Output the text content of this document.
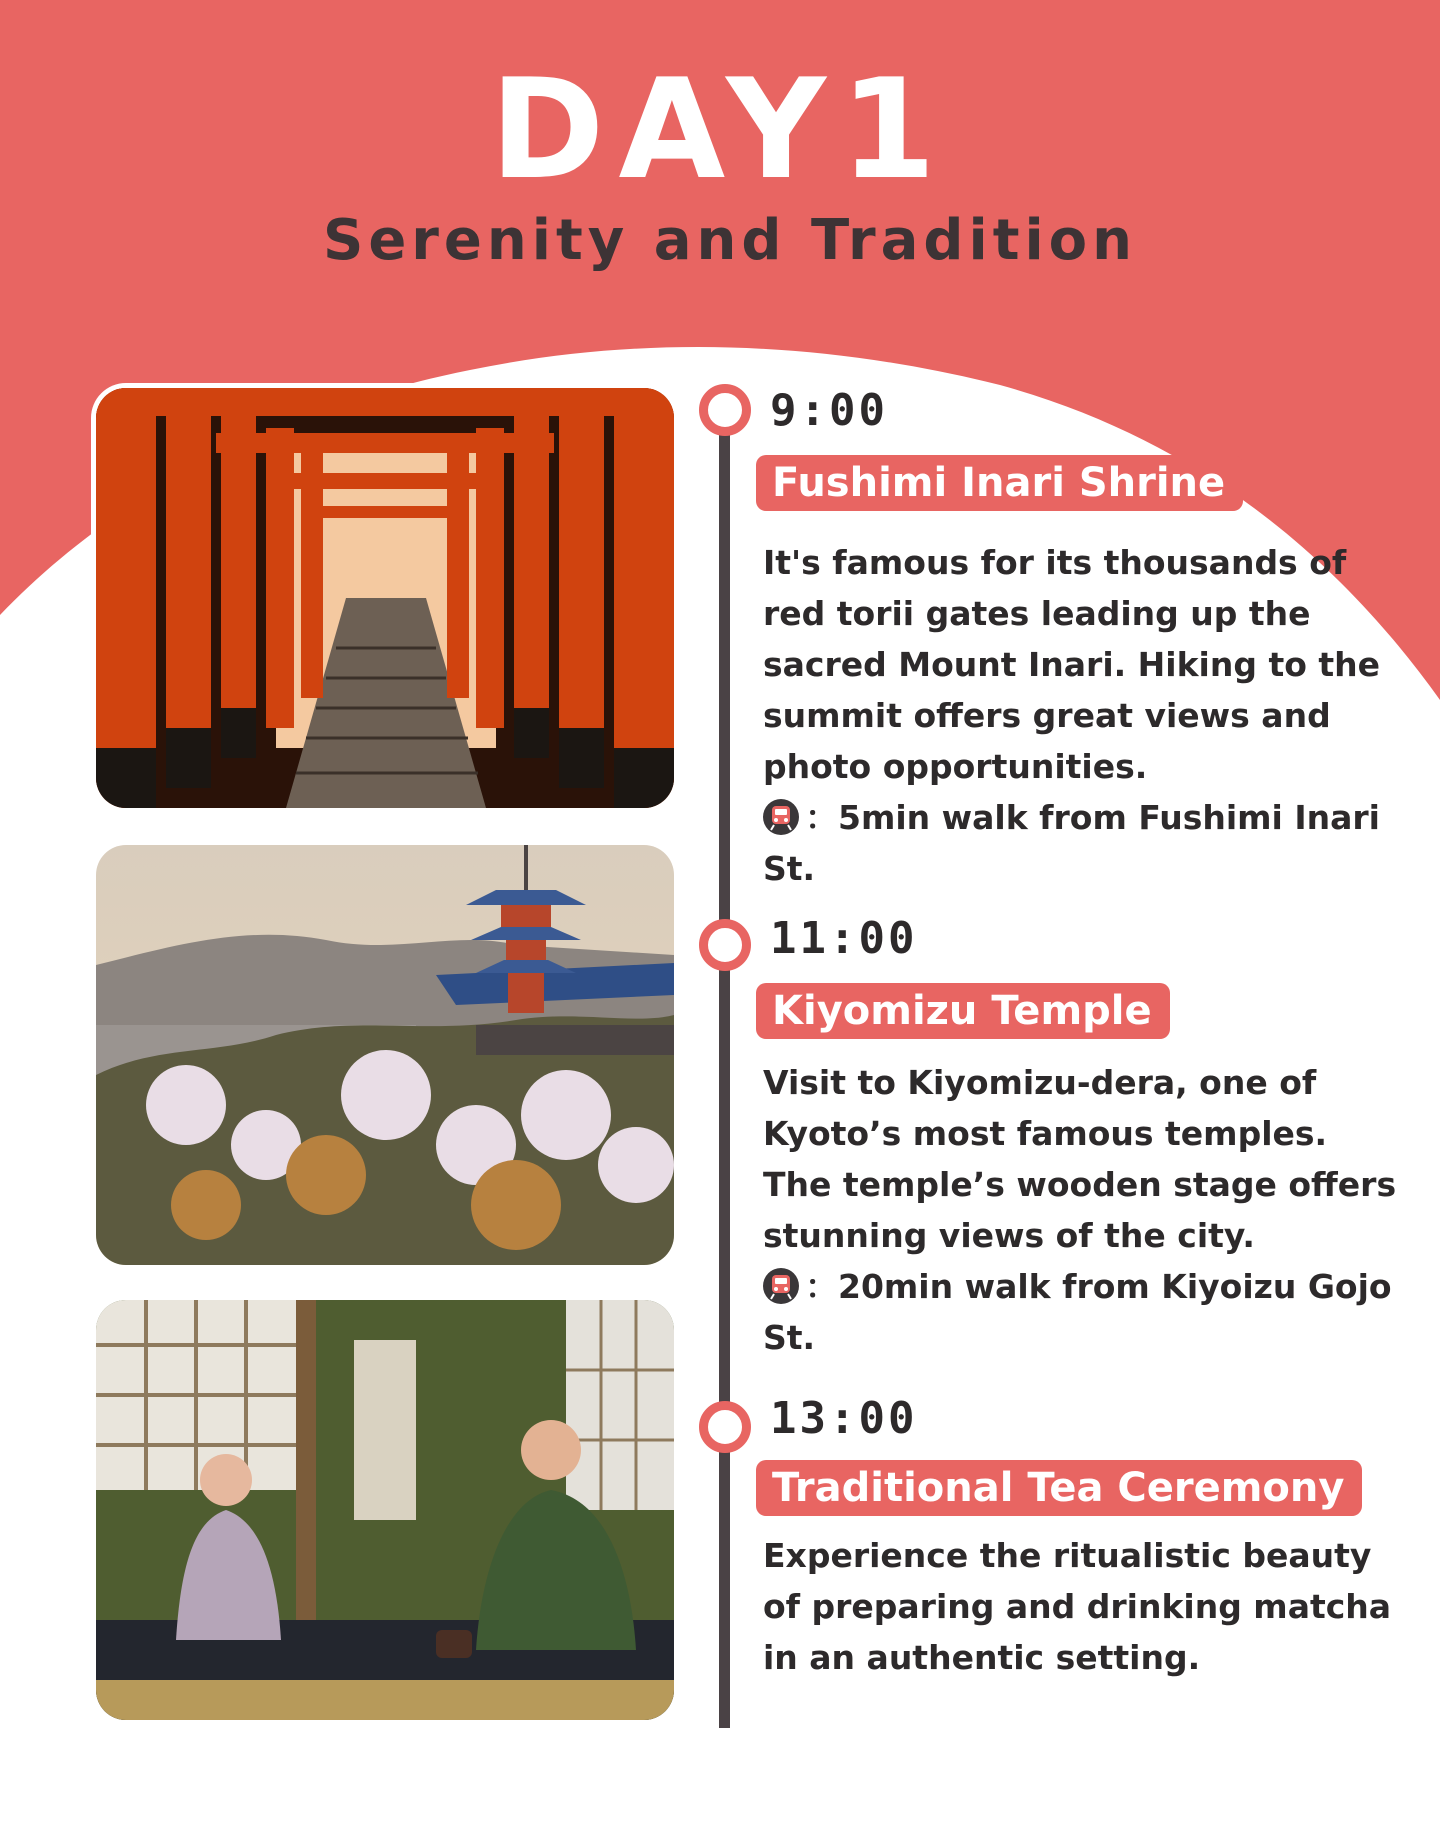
DAY1
Serenity and Tradition
9:00
Fushimi Inari Shrine

It's famous for its thousands of red torii gates leading up the sacred Mount Inari. Hiking to the summit offers great views and photo opportunities.

：5min walk from Fushimi Inari St.

11:00
Kiyomizu Temple

Visit to Kiyomizu-dera, one of Kyoto’s most famous temples. The temple’s wooden stage offers stunning views of the city.

：20min walk from Kiyoizu Gojo St.

13:00
Traditional Tea Ceremony

Experience the ritualistic beauty of preparing and drinking matcha in an authentic setting.
